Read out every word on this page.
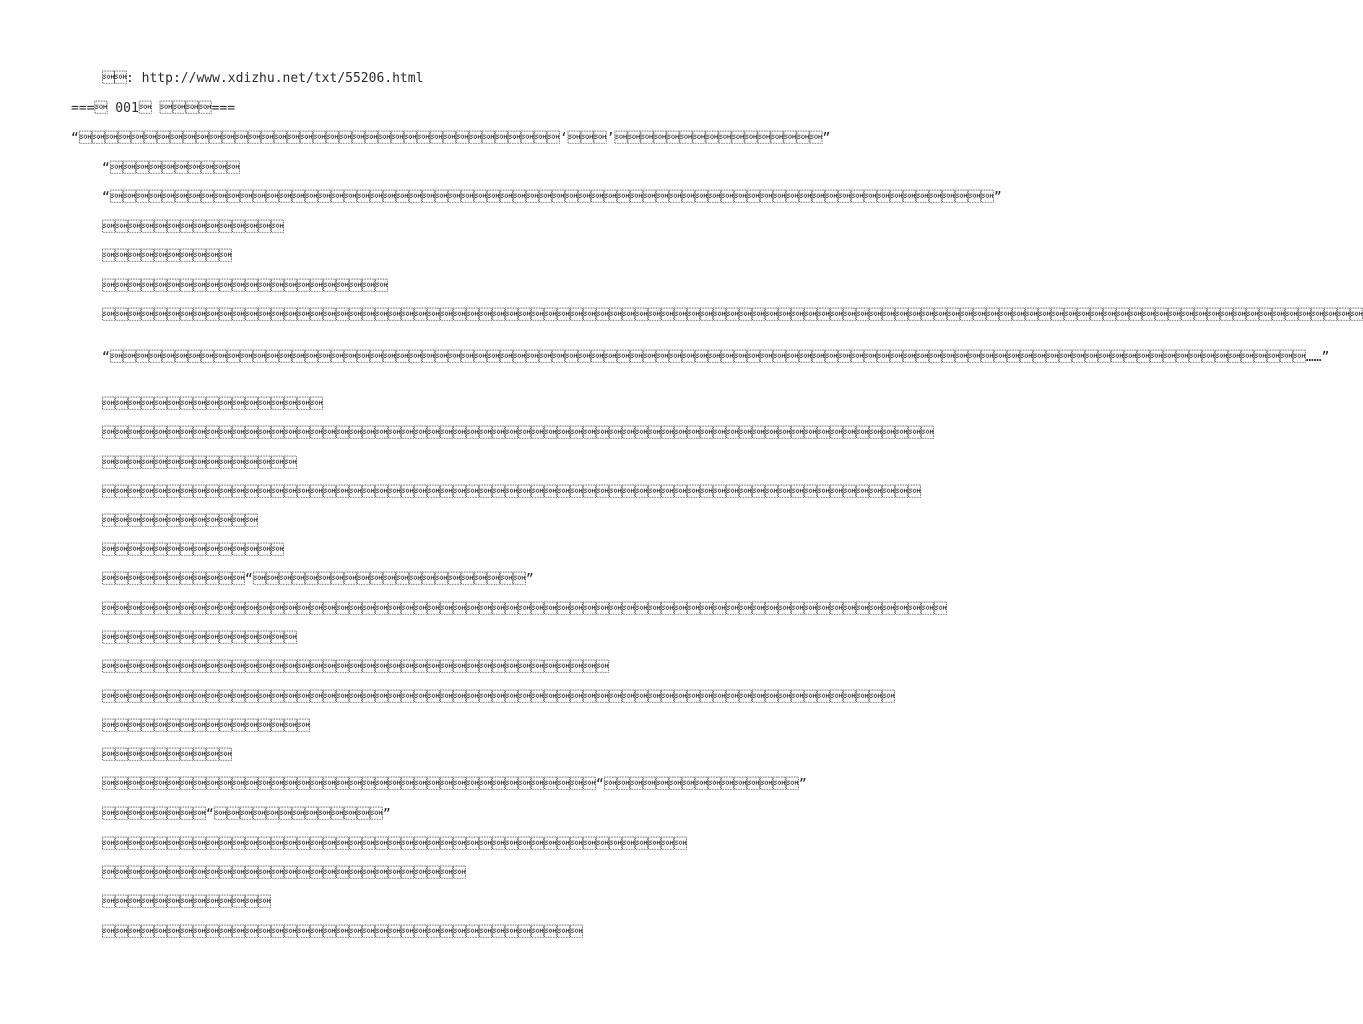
: http://www.xdizhu.net/txt/55206.html
=== 001 ===
“‘’”
“
“”




“……”






“”






“”
“”




